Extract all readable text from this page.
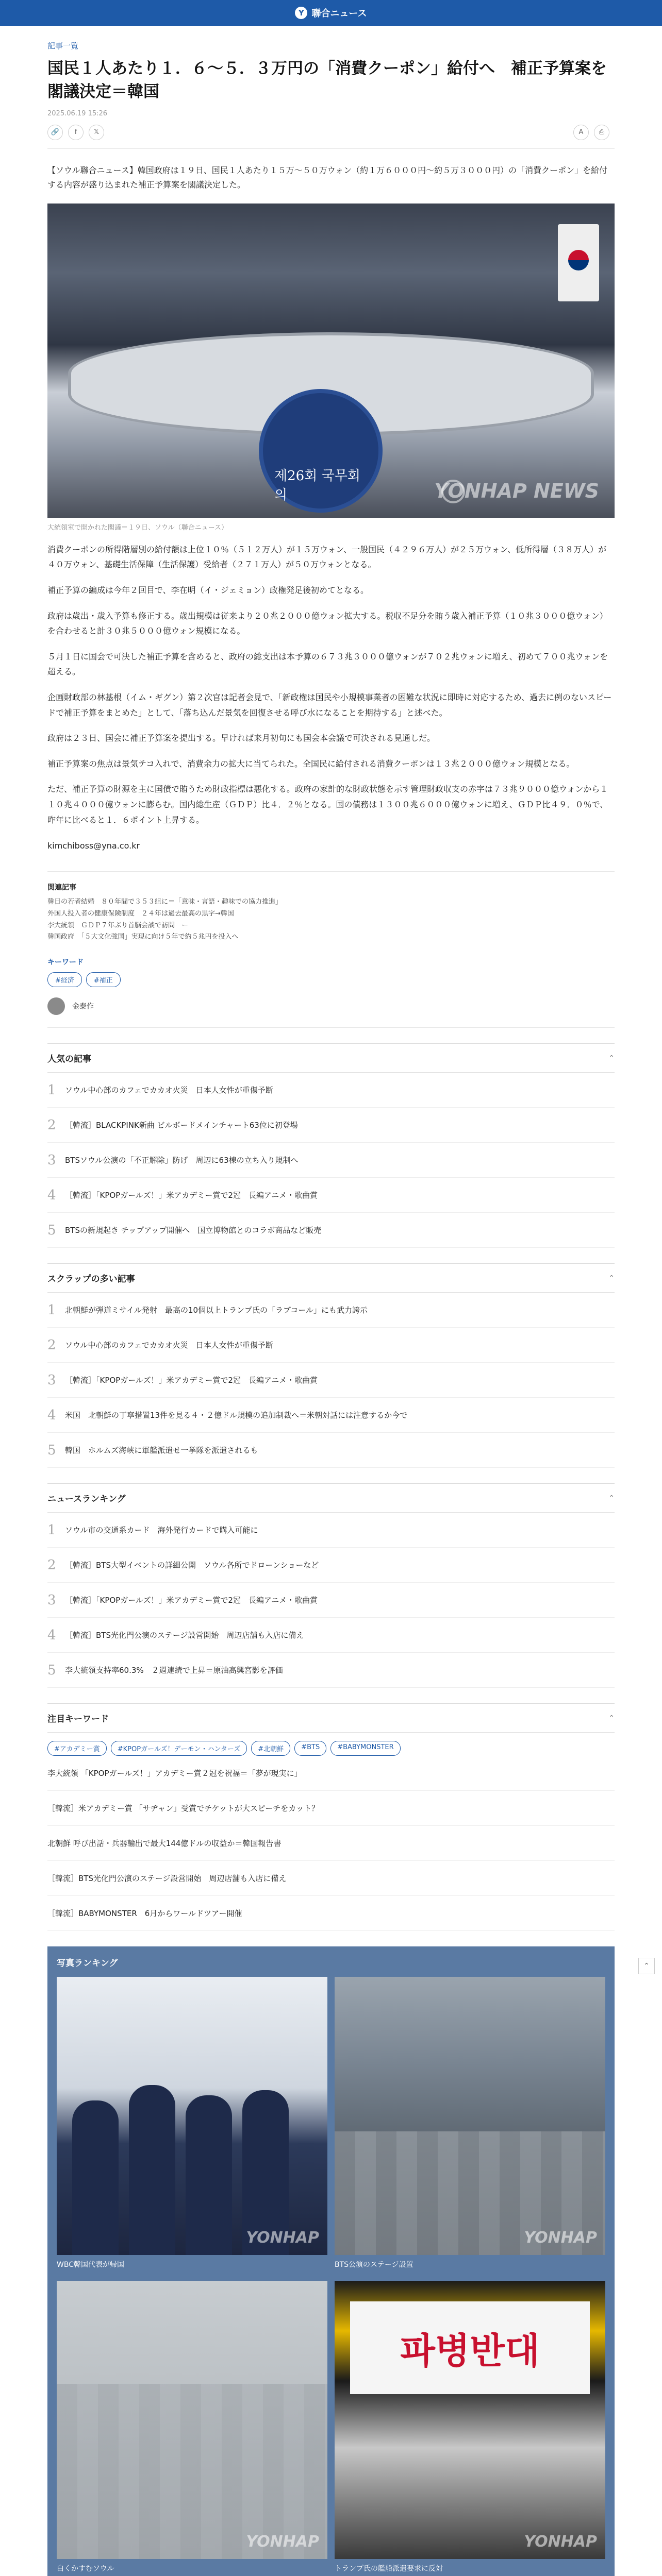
Y 聯合ニュース
記事一覧
国民１人あたり１．６～５．３万円の「消費クーポン」給付へ　補正予算案を閣議決定＝韓国
2025.06.19 15:26
🔗	f	𝕏	A	⎙

【ソウル聯合ニュース】韓国政府は１９日、国民１人あたり１５万～５０万ウォン（約１万６０００円～約５万３０００円）の「消費クーポン」を給付する内容が盛り込まれた補正予算案を閣議決定した。

제26회 국무회의	YONHAP NEWS
大統領室で開かれた閣議＝１９日、ソウル（聯合ニュース）

消費クーポンの所得階層別の給付額は上位１０％（５１２万人）が１５万ウォン、一般国民（４２９６万人）が２５万ウォン、低所得層（３８万人）が４０万ウォン、基礎生活保障（生活保護）受給者（２７１万人）が５０万ウォンとなる。

補正予算の編成は今年２回目で、李在明（イ・ジェミョン）政権発足後初めてとなる。

政府は歳出・歳入予算も修正する。歳出規模は従来より２０兆２０００億ウォン拡大する。税収不足分を賄う歳入補正予算（１０兆３０００億ウォン）を合わせると計３０兆５０００億ウォン規模になる。

５月１日に国会で可決した補正予算を含めると、政府の総支出は本予算の６７３兆３０００億ウォンが７０２兆ウォンに増え、初めて７００兆ウォンを超える。

企画財政部の林基根（イム・ギグン）第２次官は記者会見で、「新政権は国民や小規模事業者の困難な状況に即時に対応するため、過去に例のないスピードで補正予算をまとめた」として、「落ち込んだ景気を回復させる呼び水になることを期待する」と述べた。

政府は２３日、国会に補正予算案を提出する。早ければ来月初旬にも国会本会議で可決される見通しだ。

補正予算案の焦点は景気テコ入れで、消費余力の拡大に当てられた。全国民に給付される消費クーポンは１３兆２０００億ウォン規模となる。

ただ、補正予算の財源を主に国債で賄うため財政指標は悪化する。政府の家計的な財政状態を示す管理財政収支の赤字は７３兆９０００億ウォンから１１０兆４０００億ウォンに膨らむ。国内総生産（ＧＤＰ）比４．２％となる。国の債務は１３００兆６０００億ウォンに増え、ＧＤＰ比４９．０％で、昨年に比べると１．６ポイント上昇する。

kimchiboss@yna.co.kr
関連記事
韓日の若者結婚　８０年間で３５３組に＝「意味・言語・趣味での協力推進」
外国人投入者の健康保険制度　２４年は過去最高の黒字→韓国
李大統領　ＧＤＰ７年ぶり首脳会談で訪問　ー
韓国政府　「５大文化強国」実現に向け５年で約５兆円を投入へ
キーワード
#経済	#補正
金泰作
人気の記事	⌃
1	ソウル中心部のカフェでカカオ火災　日本人女性が重傷予断
2	［韓流］BLACKPINK新曲 ビルボードメインチャート63位に初登場
3	BTSソウル公演の「不正解除」防げ　周辺に63棟の立ち入り規制へ
4	［韓流］「KPOPガールズ！」米アカデミー賞で2冠　長編アニメ・歌曲賞
5	BTSの新規起き チップアップ開催へ　国立博物館とのコラボ商品など販売
スクラップの多い記事	⌃
1	北朝鮮が弾道ミサイル発射　最高の10個以上トランプ氏の「ラブコール」にも武力誇示
2	ソウル中心部のカフェでカカオ火災　日本人女性が重傷予断
3	［韓流］「KPOPガールズ！」米アカデミー賞で2冠　長編アニメ・歌曲賞
4	米国　北朝鮮の丁寧措置13件を見る４・２億ドル規模の追加制裁へ＝米朝対話には注意するか今で
5	韓国　ホルムズ海峡に軍艦派遣せ一挙隊を派遣されるも
ニュースランキング	⌃
1	ソウル市の交通系カード　海外発行カードで購入可能に
2	［韓流］BTS大型イベントの詳細公開　ソウル各所でドローンショーなど
3	［韓流］「KPOPガールズ！」米アカデミー賞で2冠　長編アニメ・歌曲賞
4	［韓流］BTS光化門公演のステージ設営開始　周辺店舗も入店に備え
5	李大統領支持率60.3%　２週連続で上昇＝原油高興宮影を評価
注目キーワード	⌃
#アカデミー賞	#KPOPガールズ！デーモン・ハンターズ	#北朝鮮	#BTS	#BABYMONSTER
李大統領 「KPOPガールズ！」アカデミー賞２冠を祝福＝「夢が現実に」
［韓流］米アカデミー賞 「サヂャン」受賞でチケットが大スピーチをカット？
北朝鮮 呼び出話・兵器輸出で最大144億ドルの収益か＝韓国報告書
［韓流］BTS光化門公演のステージ設営開始　周辺店舗も入店に備え
［韓流］BABYMONSTER　6月からワールドツアー開催
写真ランキング
YONHAP
WBC韓国代表が帰国
YONHAP
BTS公演のステージ設置
YONHAP
白くかすむソウル
파병반대
YONHAP
トランプ氏の艦船派遣要求に反対
⌃
